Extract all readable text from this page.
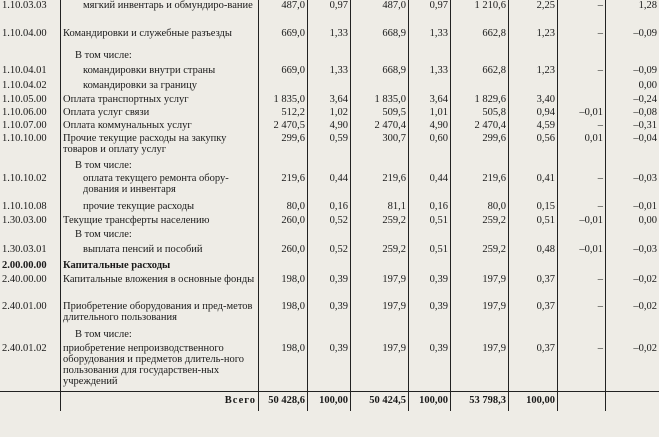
1.10.03.03	мягкий инвентарь и обмундиро-вание	487,0	0,97	487,0	0,97	1 210,6	2,25	–	1,28
1.10.04.00	Командировки и служебные разъезды	669,0	1,33	668,9	1,33	662,8	1,23	–	–0,09
	В том числе:								
1.10.04.01	командировки внутри страны	669,0	1,33	668,9	1,33	662,8	1,23	–	–0,09
1.10.04.02	командировки за границу								0,00
1.10.05.00	Оплата транспортных услуг	1 835,0	3,64	1 835,0	3,64	1 829,6	3,40		–0,24
1.10.06.00	Оплата услуг связи	512,2	1,02	509,5	1,01	505,8	0,94	–0,01	–0,08
1.10.07.00	Оплата коммунальных услуг	2 470,5	4,90	2 470,4	4,90	2 470,4	4,59	–	–0,31
1.10.10.00	Прочие текущие расходы на закупку товаров и оплату услуг	299,6	0,59	300,7	0,60	299,6	0,56	0,01	–0,04
	В том числе:								
1.10.10.02	оплата текущего ремонта обору-дования и инвентаря	219,6	0,44	219,6	0,44	219,6	0,41	–	–0,03
1.10.10.08	прочие текущие расходы	80,0	0,16	81,1	0,16	80,0	0,15	–	–0,01
1.30.03.00	Текущие трансферты населению	260,0	0,52	259,2	0,51	259,2	0,51	–0,01	0,00
	В том числе:								
1.30.03.01	выплата пенсий и пособий	260,0	0,52	259,2	0,51	259,2	0,48	–0,01	–0,03
2.00.00.00	Капитальные расходы								
2.40.00.00	Капитальные вложения в основные фонды	198,0	0,39	197,9	0,39	197,9	0,37	–	–0,02
2.40.01.00	Приобретение оборудования и пред-метов длительного пользования	198,0	0,39	197,9	0,39	197,9	0,37	–	–0,02
	В том числе:								
2.40.01.02	приобретение непроизводственного оборудования и предметов длитель-ного пользования для государствен-ных учреждений	198,0	0,39	197,9	0,39	197,9	0,37	–	–0,02
	Всего	50 428,6	100,00	50 424,5	100,00	53 798,3	100,00		
